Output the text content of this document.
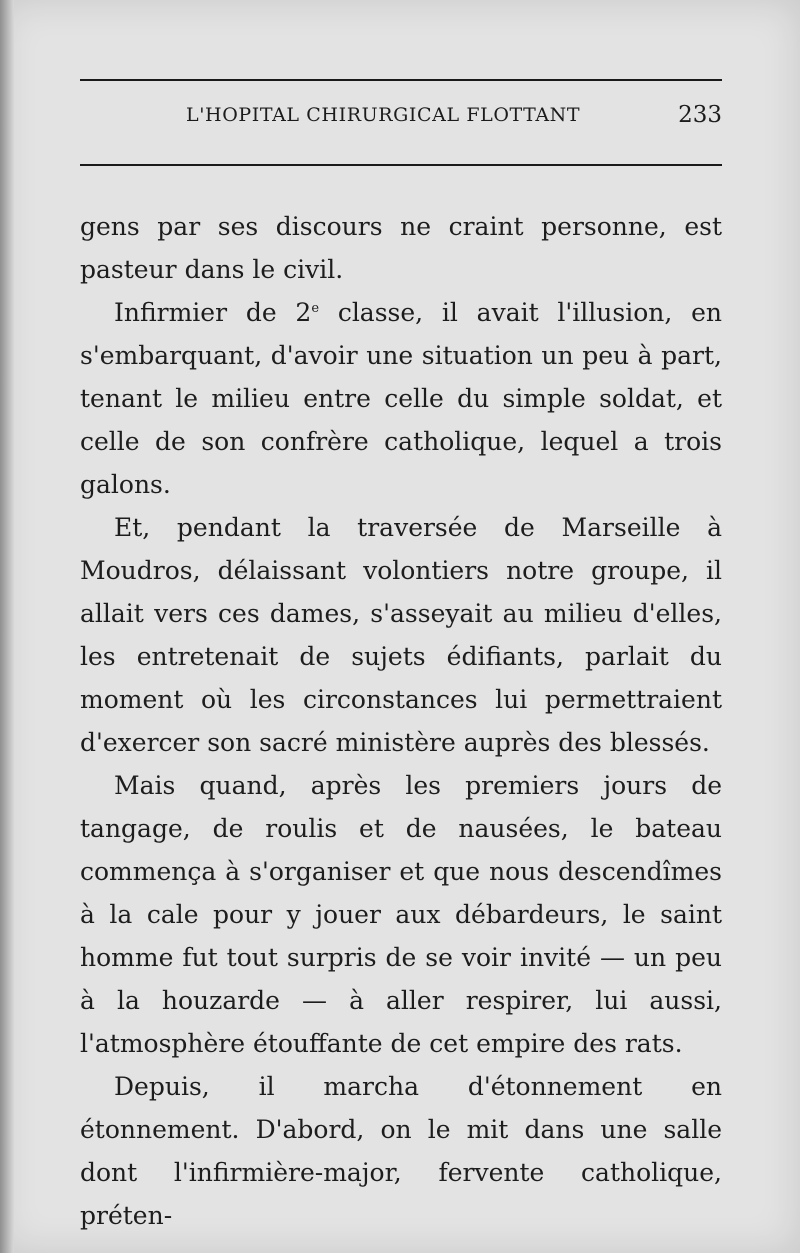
L'HOPITAL CHIRURGICAL FLOTTANT	233

gens par ses discours ne craint personne, est pasteur dans le civil.

Infirmier de 2e classe, il avait l'illusion, en s'embarquant, d'avoir une situation un peu à part, tenant le milieu entre celle du simple soldat, et celle de son confrère catholique, lequel a trois galons.

Et, pendant la traversée de Marseille à Moudros, délaissant volontiers notre groupe, il allait vers ces dames, s'asseyait au milieu d'elles, les entretenait de sujets édifiants, parlait du moment où les circonstances lui permettraient d'exercer son sacré ministère auprès des blessés.

Mais quand, après les premiers jours de tangage, de roulis et de nausées, le bateau commença à s'organiser et que nous descendîmes à la cale pour y jouer aux débardeurs, le saint homme fut tout surpris de se voir invité — un peu à la houzarde — à aller respirer, lui aussi, l'atmosphère étouffante de cet empire des rats.

Depuis, il marcha d'étonnement en étonnement. D'abord, on le mit dans une salle dont l'infirmière-major, fervente catholique, préten-
